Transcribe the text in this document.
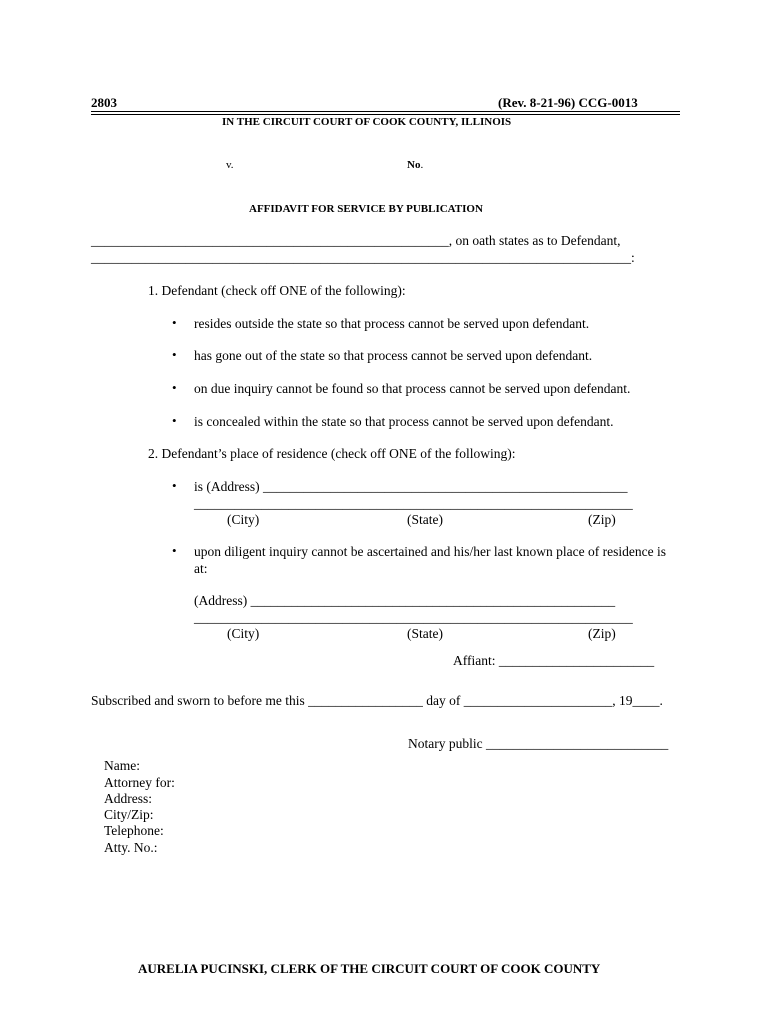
2803	(Rev. 8-21-96) CCG-0013
IN THE CIRCUIT COURT OF COOK COUNTY, ILLINOIS
v.	No.
AFFIDAVIT FOR SERVICE BY PUBLICATION
_____________________________________________________, on oath states as to Defendant,
________________________________________________________________________________:
1. Defendant (check off ONE of the following):
• resides outside the state so that process cannot be served upon defendant.
• has gone out of the state so that process cannot be served upon defendant.
• on due inquiry cannot be found so that process cannot be served upon defendant.
• is concealed within the state so that process cannot be served upon defendant.
2. Defendant’s place of residence (check off ONE of the following):
• is (Address) ______________________________________________________
_________________________________________________________________
(City)	(State)	(Zip)
• upon diligent inquiry cannot be ascertained and his/her last known place of residence is
at:
(Address) ______________________________________________________
_________________________________________________________________
(City)	(State)	(Zip)
Affiant: _______________________
Subscribed and sworn to before me this _________________ day of ______________________, 19____.
Notary public ___________________________
Name:
Attorney for:
Address:
City/Zip:
Telephone:
Atty. No.:
AURELIA PUCINSKI, CLERK OF THE CIRCUIT COURT OF COOK COUNTY
